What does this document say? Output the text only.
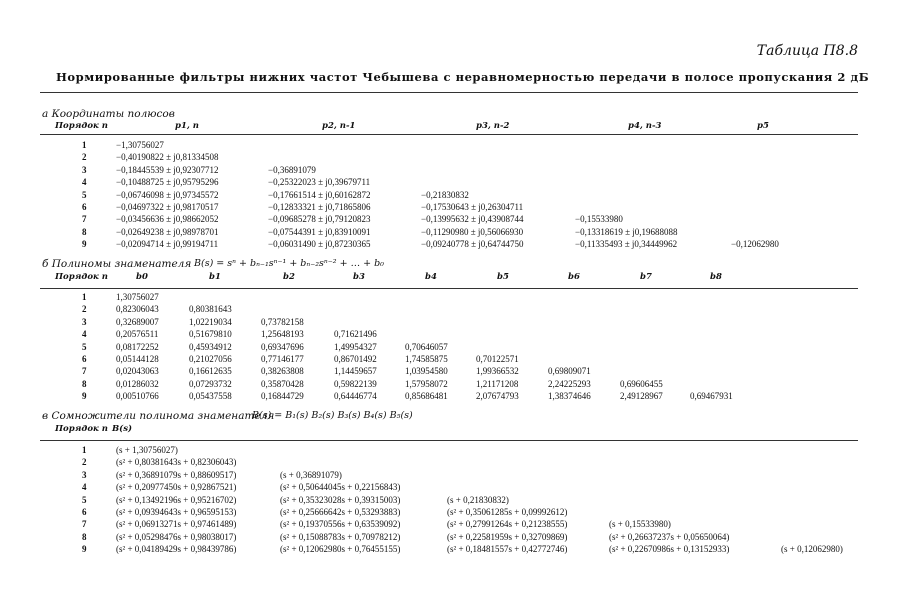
Таблица П8.8
Нормированные фильтры нижних частот Чебышева с неравномерностью передачи в полосе пропускания 2 дБ
а Координаты полюсов
Порядок n	p1, n	p2, n-1	p3, n-2	p4, n-3	p5
1	−1,30756027
2	−0,40190822 ± j0,81334508
3	−0,18445539 ± j0,92307712	−0,36891079
4	−0,10488725 ± j0,95795296	−0,25322023 ± j0,39679711
5	−0,06746098 ± j0,97345572	−0,17661514 ± j0,60162872	−0,21830832
6	−0,04697322 ± j0,98170517	−0,12833321 ± j0,71865806	−0,17530643 ± j0,26304711
7	−0,03456636 ± j0,98662052	−0,09685278 ± j0,79120823	−0,13995632 ± j0,43908744	−0,15533980
8	−0,02649238 ± j0,98978701	−0,07544391 ± j0,83910091	−0,11290980 ± j0,56066930	−0,13318619 ± j0,19688088
9	−0,02094714 ± j0,99194711	−0,06031490 ± j0,87230365	−0,09240778 ± j0,64744750	−0,11335493 ± j0,34449962	−0,12062980
б Полиномы знаменателя B(s) = sⁿ + bₙ₋₁sⁿ⁻¹ + bₙ₋₂sⁿ⁻² + … + b₀
Порядок n	b0	b1	b2	b3	b4	b5	b6	b7	b8
1	1,30756027
2	0,82306043	0,80381643
3	0,32689007	1,02219034	0,73782158
4	0,20576511	0,51679810	1,25648193	0,71621496
5	0,08172252	0,45934912	0,69347696	1,49954327	0,70646057
6	0,05144128	0,21027056	0,77146177	0,86701492	1,74585875	0,70122571
7	0,02043063	0,16612635	0,38263808	1,14459657	1,03954580	1,99366532	0,69809071
8	0,01286032	0,07293732	0,35870428	0,59822139	1,57958072	1,21171208	2,24225293	0,69606455
9	0,00510766	0,05437558	0,16844729	0,64446774	0,85686481	2,07674793	1,38374646	2,49128967	0,69467931
в Сомножители полинома знаменателя
B(s) = B₁(s) B₂(s) B₃(s) B₄(s) B₅(s)
Порядок n B(s)
1	(s + 1,30756027)
2	(s² + 0,80381643s + 0,82306043)
3	(s² + 0,36891079s + 0,88609517)	(s + 0,36891079)
4	(s² + 0,20977450s + 0,92867521)	(s² + 0,50644045s + 0,22156843)
5	(s² + 0,13492196s + 0,95216702)	(s² + 0,35323028s + 0,39315003)	(s + 0,21830832)
6	(s² + 0,09394643s + 0,96595153)	(s² + 0,25666642s + 0,53293883)	(s² + 0,35061285s + 0,09992612)
7	(s² + 0,06913271s + 0,97461489)	(s² + 0,19370556s + 0,63539092)	(s² + 0,27991264s + 0,21238555)	(s + 0,15533980)
8	(s² + 0,05298476s + 0,98038017)	(s² + 0,15088783s + 0,70978212)	(s² + 0,22581959s + 0,32709869)	(s² + 0,26637237s + 0,05650064)
9	(s² + 0,04189429s + 0,98439786)	(s² + 0,12062980s + 0,76455155)	(s² + 0,18481557s + 0,42772746)	(s² + 0,22670986s + 0,13152933)	(s + 0,12062980)
